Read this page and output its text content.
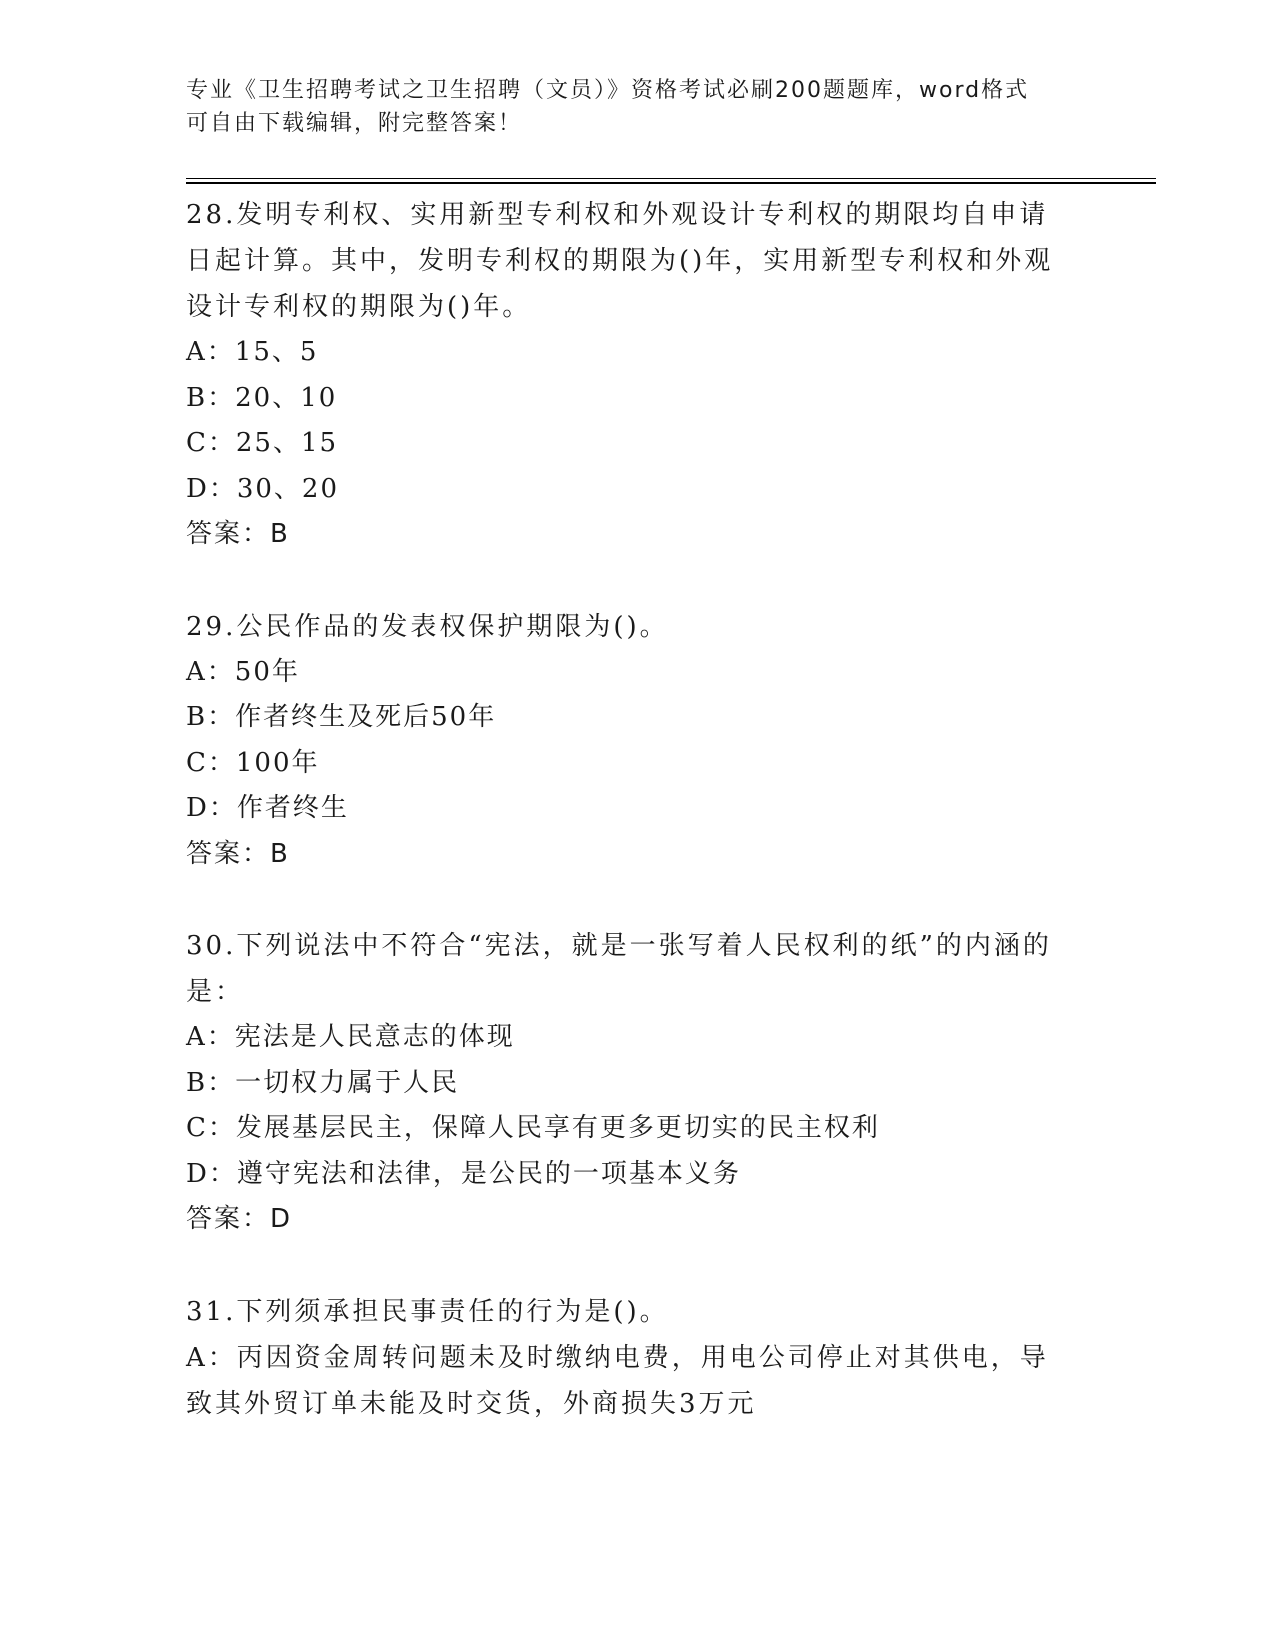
专业《卫生招聘考试之卫生招聘（文员）》资格考试必刷200题题库，word格式
可自由下载编辑，附完整答案！

28.发明专利权、实用新型专利权和外观设计专利权的期限均自申请日起计算。其中，发明专利权的期限为()年，实用新型专利权和外观设计专利权的期限为()年。

A：15、5

B：20、10

C：25、15

D：30、20

答案：B

29.公民作品的发表权保护期限为()。

A：50年

B：作者终生及死后50年

C：100年

D：作者终生

答案：B

30.下列说法中不符合“宪法，就是一张写着人民权利的纸”的内涵的是：

A：宪法是人民意志的体现

B：一切权力属于人民

C：发展基层民主，保障人民享有更多更切实的民主权利

D：遵守宪法和法律，是公民的一项基本义务

答案：D

31.下列须承担民事责任的行为是()。

A：丙因资金周转问题未及时缴纳电费，用电公司停止对其供电，导致其外贸订单未能及时交货，外商损失3万元
